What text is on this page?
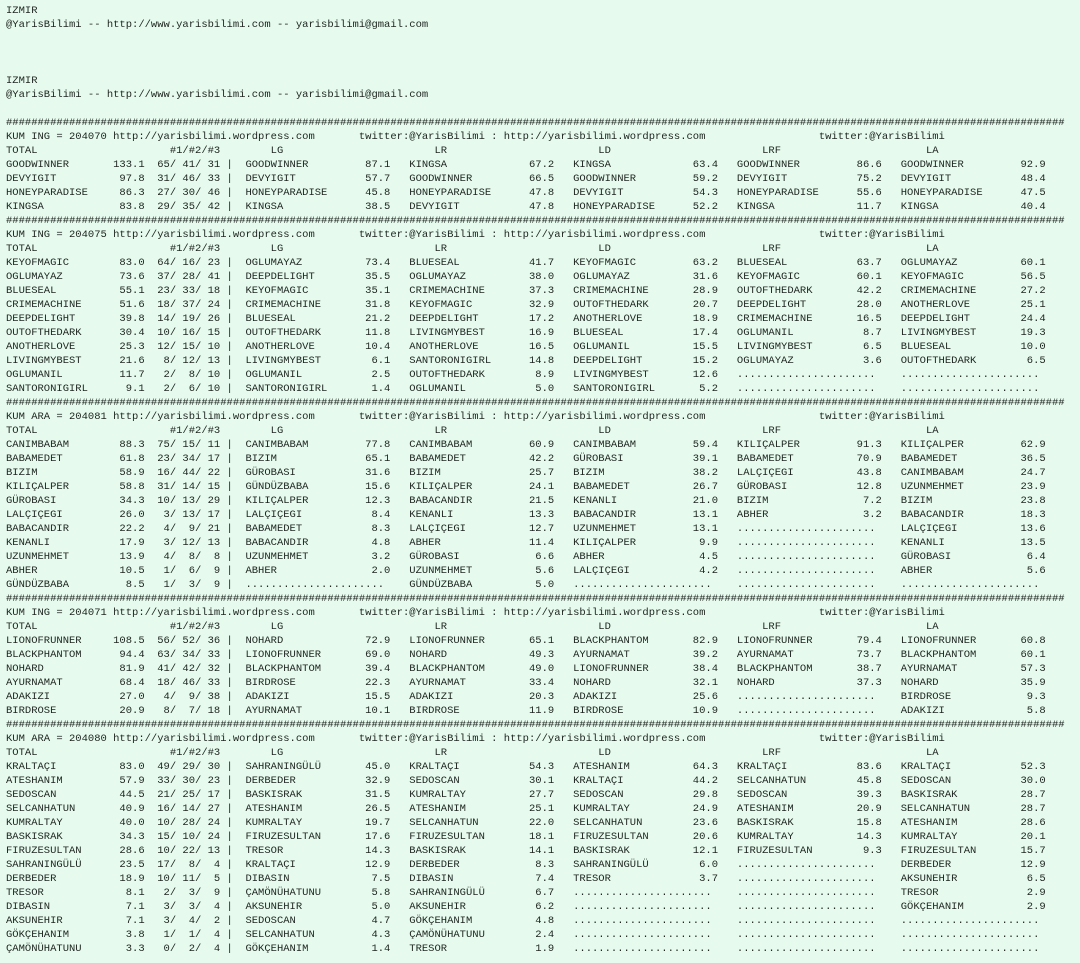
IZMIR
@YarisBilimi -- http://www.yarisbilimi.com -- yarisbilimi@gmail.com
IZMIR
@YarisBilimi -- http://www.yarisbilimi.com -- yarisbilimi@gmail.com
########################################################################################################################################################################
KUM ING = 204070 http://yarisbilimi.wordpress.com       twitter:@YarisBilimi : http://yarisbilimi.wordpress.com                  twitter:@YarisBilimi
TOTAL                     #1/#2/#3        LG                        LR                        LD                        LRF                       LA
GOODWINNER       133.1  65/ 41/ 31 |  GOODWINNER         87.1   KINGSA             67.2   KINGSA             63.4   GOODWINNER         86.6   GOODWINNER         92.9
DEVYIGIT          97.8  31/ 46/ 33 |  DEVYIGIT           57.7   GOODWINNER         66.5   GOODWINNER         59.2   DEVYIGIT           75.2   DEVYIGIT           48.4
HONEYPARADISE     86.3  27/ 30/ 46 |  HONEYPARADISE      45.8   HONEYPARADISE      47.8   DEVYIGIT           54.3   HONEYPARADISE      55.6   HONEYPARADISE      47.5
KINGSA            83.8  29/ 35/ 42 |  KINGSA             38.5   DEVYIGIT           47.8   HONEYPARADISE      52.2   KINGSA             11.7   KINGSA             40.4
########################################################################################################################################################################
KUM ING = 204075 http://yarisbilimi.wordpress.com       twitter:@YarisBilimi : http://yarisbilimi.wordpress.com                  twitter:@YarisBilimi
TOTAL                     #1/#2/#3        LG                        LR                        LD                        LRF                       LA
KEYOFMAGIC        83.0  64/ 16/ 23 |  OGLUMAYAZ          73.4   BLUESEAL           41.7   KEYOFMAGIC         63.2   BLUESEAL           63.7   OGLUMAYAZ          60.1
OGLUMAYAZ         73.6  37/ 28/ 41 |  DEEPDELIGHT        35.5   OGLUMAYAZ          38.0   OGLUMAYAZ          31.6   KEYOFMAGIC         60.1   KEYOFMAGIC         56.5
BLUESEAL          55.1  23/ 33/ 18 |  KEYOFMAGIC         35.1   CRIMEMACHINE       37.3   CRIMEMACHINE       28.9   OUTOFTHEDARK       42.2   CRIMEMACHINE       27.2
CRIMEMACHINE      51.6  18/ 37/ 24 |  CRIMEMACHINE       31.8   KEYOFMAGIC         32.9   OUTOFTHEDARK       20.7   DEEPDELIGHT        28.0   ANOTHERLOVE        25.1
DEEPDELIGHT       39.8  14/ 19/ 26 |  BLUESEAL           21.2   DEEPDELIGHT        17.2   ANOTHERLOVE        18.9   CRIMEMACHINE       16.5   DEEPDELIGHT        24.4
OUTOFTHEDARK      30.4  10/ 16/ 15 |  OUTOFTHEDARK       11.8   LIVINGMYBEST       16.9   BLUESEAL           17.4   OGLUMANIL           8.7   LIVINGMYBEST       19.3
ANOTHERLOVE       25.3  12/ 15/ 10 |  ANOTHERLOVE        10.4   ANOTHERLOVE        16.5   OGLUMANIL          15.5   LIVINGMYBEST        6.5   BLUESEAL           10.0
LIVINGMYBEST      21.6   8/ 12/ 13 |  LIVINGMYBEST        6.1   SANTORONIGIRL      14.8   DEEPDELIGHT        15.2   OGLUMAYAZ           3.6   OUTOFTHEDARK        6.5
OGLUMANIL         11.7   2/  8/ 10 |  OGLUMANIL           2.5   OUTOFTHEDARK        8.9   LIVINGMYBEST       12.6   ......................    ......................
SANTORONIGIRL      9.1   2/  6/ 10 |  SANTORONIGIRL       1.4   OGLUMANIL           5.0   SANTORONIGIRL       5.2   ......................    ......................
########################################################################################################################################################################
KUM ARA = 204081 http://yarisbilimi.wordpress.com       twitter:@YarisBilimi : http://yarisbilimi.wordpress.com                  twitter:@YarisBilimi
TOTAL                     #1/#2/#3        LG                        LR                        LD                        LRF                       LA
CANIMBABAM        88.3  75/ 15/ 11 |  CANIMBABAM         77.8   CANIMBABAM         60.9   CANIMBABAM         59.4   KILIÇALPER         91.3   KILIÇALPER         62.9
BABAMEDET         61.8  23/ 34/ 17 |  BIZIM              65.1   BABAMEDET          42.2   GÜROBASI           39.1   BABAMEDET          70.9   BABAMEDET          36.5
BIZIM             58.9  16/ 44/ 22 |  GÜROBASI           31.6   BIZIM              25.7   BIZIM              38.2   LALÇIÇEGI          43.8   CANIMBABAM         24.7
KILIÇALPER        58.8  31/ 14/ 15 |  GÜNDÜZBABA         15.6   KILIÇALPER         24.1   BABAMEDET          26.7   GÜROBASI           12.8   UZUNMEHMET         23.9
GÜROBASI          34.3  10/ 13/ 29 |  KILIÇALPER         12.3   BABACANDIR         21.5   KENANLI            21.0   BIZIM               7.2   BIZIM              23.8
LALÇIÇEGI         26.0   3/ 13/ 17 |  LALÇIÇEGI           8.4   KENANLI            13.3   BABACANDIR         13.1   ABHER               3.2   BABACANDIR         18.3
BABACANDIR        22.2   4/  9/ 21 |  BABAMEDET           8.3   LALÇIÇEGI          12.7   UZUNMEHMET         13.1   ......................    LALÇIÇEGI          13.6
KENANLI           17.9   3/ 12/ 13 |  BABACANDIR          4.8   ABHER              11.4   KILIÇALPER          9.9   ......................    KENANLI            13.5
UZUNMEHMET        13.9   4/  8/  8 |  UZUNMEHMET          3.2   GÜROBASI            6.6   ABHER               4.5   ......................    GÜROBASI            6.4
ABHER             10.5   1/  6/  9 |  ABHER               2.0   UZUNMEHMET          5.6   LALÇIÇEGI           4.2   ......................    ABHER               5.6
GÜNDÜZBABA         8.5   1/  3/  9 |  ......................    GÜNDÜZBABA          5.0   ......................    ......................    ......................
########################################################################################################################################################################
KUM ING = 204071 http://yarisbilimi.wordpress.com       twitter:@YarisBilimi : http://yarisbilimi.wordpress.com                  twitter:@YarisBilimi
TOTAL                     #1/#2/#3        LG                        LR                        LD                        LRF                       LA
LIONOFRUNNER     108.5  56/ 52/ 36 |  NOHARD             72.9   LIONOFRUNNER       65.1   BLACKPHANTOM       82.9   LIONOFRUNNER       79.4   LIONOFRUNNER       60.8
BLACKPHANTOM      94.4  63/ 34/ 33 |  LIONOFRUNNER       69.0   NOHARD             49.3   AYURNAMAT          39.2   AYURNAMAT          73.7   BLACKPHANTOM       60.1
NOHARD            81.9  41/ 42/ 32 |  BLACKPHANTOM       39.4   BLACKPHANTOM       49.0   LIONOFRUNNER       38.4   BLACKPHANTOM       38.7   AYURNAMAT          57.3
AYURNAMAT         68.4  18/ 46/ 33 |  BIRDROSE           22.3   AYURNAMAT          33.4   NOHARD             32.1   NOHARD             37.3   NOHARD             35.9
ADAKIZI           27.0   4/  9/ 38 |  ADAKIZI            15.5   ADAKIZI            20.3   ADAKIZI            25.6   ......................    BIRDROSE            9.3
BIRDROSE          20.9   8/  7/ 18 |  AYURNAMAT          10.1   BIRDROSE           11.9   BIRDROSE           10.9   ......................    ADAKIZI             5.8
########################################################################################################################################################################
KUM ARA = 204080 http://yarisbilimi.wordpress.com       twitter:@YarisBilimi : http://yarisbilimi.wordpress.com                  twitter:@YarisBilimi
TOTAL                     #1/#2/#3        LG                        LR                        LD                        LRF                       LA
KRALTAÇI          83.0  49/ 29/ 30 |  SAHRANINGÜLÜ       45.0   KRALTAÇI           54.3   ATESHANIM          64.3   KRALTAÇI           83.6   KRALTAÇI           52.3
ATESHANIM         57.9  33/ 30/ 23 |  DERBEDER           32.9   SEDOSCAN           30.1   KRALTAÇI           44.2   SELCANHATUN        45.8   SEDOSCAN           30.0
SEDOSCAN          44.5  21/ 25/ 17 |  BASKISRAK          31.5   KUMRALTAY          27.7   SEDOSCAN           29.8   SEDOSCAN           39.3   BASKISRAK          28.7
SELCANHATUN       40.9  16/ 14/ 27 |  ATESHANIM          26.5   ATESHANIM          25.1   KUMRALTAY          24.9   ATESHANIM          20.9   SELCANHATUN        28.7
KUMRALTAY         40.0  10/ 28/ 24 |  KUMRALTAY          19.7   SELCANHATUN        22.0   SELCANHATUN        23.6   BASKISRAK          15.8   ATESHANIM          28.6
BASKISRAK         34.3  15/ 10/ 24 |  FIRUZESULTAN       17.6   FIRUZESULTAN       18.1   FIRUZESULTAN       20.6   KUMRALTAY          14.3   KUMRALTAY          20.1
FIRUZESULTAN      28.6  10/ 22/ 13 |  TRESOR             14.3   BASKISRAK          14.1   BASKISRAK          12.1   FIRUZESULTAN        9.3   FIRUZESULTAN       15.7
SAHRANINGÜLÜ      23.5  17/  8/  4 |  KRALTAÇI           12.9   DERBEDER            8.3   SAHRANINGÜLÜ        6.0   ......................    DERBEDER           12.9
DERBEDER          18.9  10/ 11/  5 |  DIBASIN             7.5   DIBASIN             7.4   TRESOR              3.7   ......................    AKSUNEHIR           6.5
TRESOR             8.1   2/  3/  9 |  ÇAMÖNÜHATUNU        5.8   SAHRANINGÜLÜ        6.7   ......................    ......................    TRESOR              2.9
DIBASIN            7.1   3/  3/  4 |  AKSUNEHIR           5.0   AKSUNEHIR           6.2   ......................    ......................    GÖKÇEHANIM          2.9
AKSUNEHIR          7.1   3/  4/  2 |  SEDOSCAN            4.7   GÖKÇEHANIM          4.8   ......................    ......................    ......................
GÖKÇEHANIM         3.8   1/  1/  4 |  SELCANHATUN         4.3   ÇAMÖNÜHATUNU        2.4   ......................    ......................    ......................
ÇAMÖNÜHATUNU       3.3   0/  2/  4 |  GÖKÇEHANIM          1.4   TRESOR              1.9   ......................    ......................    ......................
